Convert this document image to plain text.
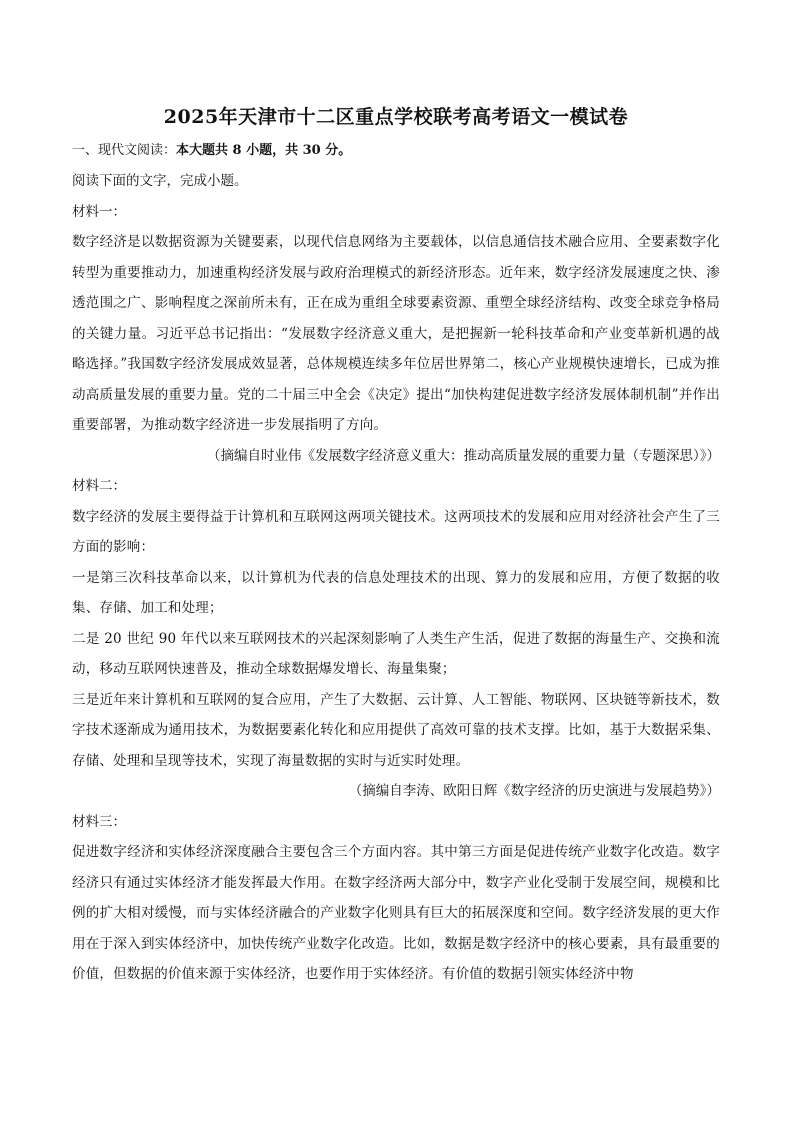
2025年天津市十二区重点学校联考高考语文一模试卷

一、现代文阅读：本大题共 8 小题，共 30 分。

阅读下面的文字，完成小题。

材料一：

数字经济是以数据资源为关键要素，以现代信息网络为主要载体，以信息通信技术融合应用、全要素数字化转型为重要推动力，加速重构经济发展与政府治理模式的新经济形态。近年来，数字经济发展速度之快、渗透范围之广、影响程度之深前所未有，正在成为重组全球要素资源、重塑全球经济结构、改变全球竞争格局的关键力量。习近平总书记指出：“发展数字经济意义重大，是把握新一轮科技革命和产业变革新机遇的战略选择。”我国数字经济发展成效显著，总体规模连续多年位居世界第二，核心产业规模快速增长，已成为推动高质量发展的重要力量。党的二十届三中全会《决定》提出“加快构建促进数字经济发展体制机制”并作出重要部署，为推动数字经济进一步发展指明了方向。

（摘编自时业伟《发展数字经济意义重大：推动高质量发展的重要力量（专题深思）》）

材料二：

数字经济的发展主要得益于计算机和互联网这两项关键技术。这两项技术的发展和应用对经济社会产生了三方面的影响：

一是第三次科技革命以来，以计算机为代表的信息处理技术的出现、算力的发展和应用，方便了数据的收集、存储、加工和处理；

二是 20 世纪 90 年代以来互联网技术的兴起深刻影响了人类生产生活，促进了数据的海量生产、交换和流动，移动互联网快速普及，推动全球数据爆发增长、海量集聚；

三是近年来计算机和互联网的复合应用，产生了大数据、云计算、人工智能、物联网、区块链等新技术，数字技术逐渐成为通用技术，为数据要素化转化和应用提供了高效可靠的技术支撑。比如，基于大数据采集、存储、处理和呈现等技术，实现了海量数据的实时与近实时处理。

（摘编自李涛、欧阳日辉《数字经济的历史演进与发展趋势》）

材料三：

促进数字经济和实体经济深度融合主要包含三个方面内容。其中第三方面是促进传统产业数字化改造。数字经济只有通过实体经济才能发挥最大作用。在数字经济两大部分中，数字产业化受制于发展空间，规模和比例的扩大相对缓慢，而与实体经济融合的产业数字化则具有巨大的拓展深度和空间。数字经济发展的更大作用在于深入到实体经济中，加快传统产业数字化改造。比如，数据是数字经济中的核心要素，具有最重要的价值，但数据的价值来源于实体经济，也要作用于实体经济。有价值的数据引领实体经济中物
